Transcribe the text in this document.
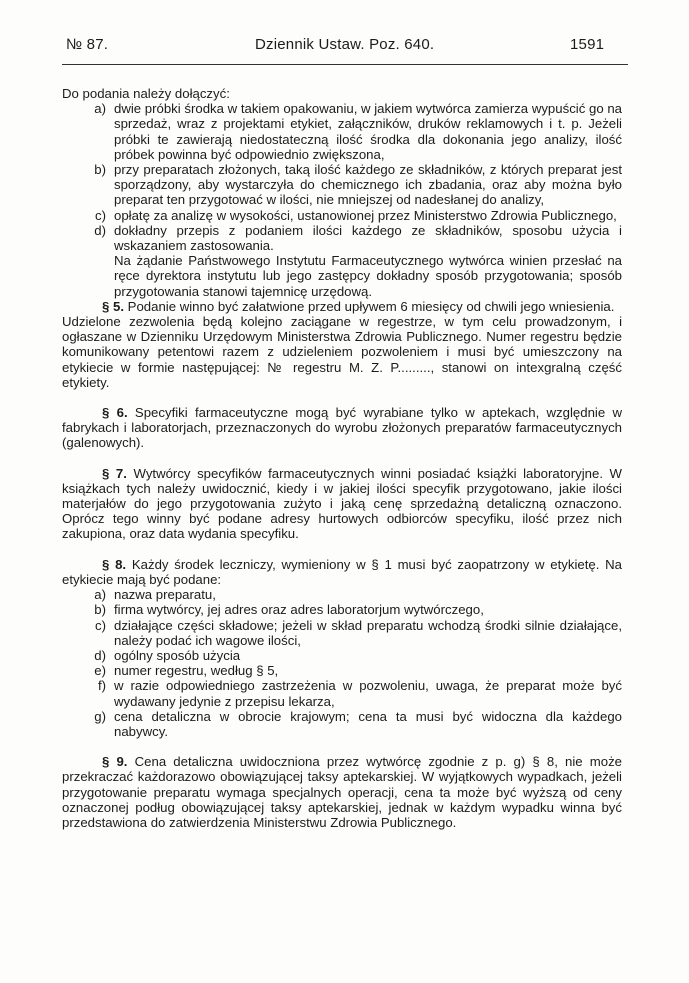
№ 87.	Dziennik Ustaw. Poz. 640.	1591

Do podania należy dołączyć:

a) dwie próbki środka w takiem opakowaniu, w jakiem wytwórca zamierza wypuścić go na sprzedaż, wraz z projektami etykiet, załączników, druków reklamowych i t. p. Jeżeli próbki te zawierają niedostateczną ilość środka dla dokonania jego analizy, ilość próbek powinna być odpowiednio zwiększona,
b) przy preparatach złożonych, taką ilość każdego ze składników, z których preparat jest sporządzony, aby wystarczyła do chemicznego ich zbadania, oraz aby można było preparat ten przygotować w ilości, nie mniejszej od nadesłanej do analizy,
c) opłatę za analizę w wysokości, ustanowionej przez Ministerstwo Zdrowia Publicznego,
d) dokładny przepis z podaniem ilości każdego ze składników, sposobu użycia i wskazaniem zastosowania.

Na żądanie Państwowego Instytutu Farmaceutycznego wytwórca winien przesłać na ręce dyrektora instytutu lub jego zastępcy dokładny sposób przygotowania; sposób przygotowania stanowi tajemnicę urzędową.

§ 5. Podanie winno być załatwione przed upływem 6 miesięcy od chwili jego wniesienia.

Udzielone zezwolenia będą kolejno zaciągane w regestrze, w tym celu prowadzonym, i ogłaszane w Dzienniku Urzędowym Ministerstwa Zdrowia Publicznego. Numer regestru będzie komunikowany petentowi razem z udzieleniem pozwoleniem i musi być umieszczony na etykiecie w formie następującej: № regestru M. Z. P........., stanowi on intexgralną część etykiety.

§ 6. Specyfiki farmaceutyczne mogą być wyrabiane tylko w aptekach, względnie w fabrykach i laboratorjach, przeznaczonych do wyrobu złożonych preparatów farmaceutycznych (galenowych).

§ 7. Wytwórcy specyfików farmaceutycznych winni posiadać książki laboratoryjne. W książkach tych należy uwidocznić, kiedy i w jakiej ilości specyfik przygotowano, jakie ilości materjałów do jego przygotowania zużyto i jaką cenę sprzedażną detaliczną oznaczono. Oprócz tego winny być podane adresy hurtowych odbiorców specyfiku, ilość przez nich zakupiona, oraz data wydania specyfiku.

§ 8. Każdy środek leczniczy, wymieniony w § 1 musi być zaopatrzony w etykietę. Na etykiecie mają być podane:

a) nazwa preparatu,
b) firma wytwórcy, jej adres oraz adres laboratorjum wytwórczego,
c) działające części składowe; jeżeli w skład preparatu wchodzą środki silnie działające, należy podać ich wagowe ilości,
d) ogólny sposób użycia
e) numer regestru, według § 5,
f) w razie odpowiedniego zastrzeżenia w pozwoleniu, uwaga, że preparat może być wydawany jedynie z przepisu lekarza,
g) cena detaliczna w obrocie krajowym; cena ta musi być widoczna dla każdego nabywcy.

§ 9. Cena detaliczna uwidoczniona przez wytwórcę zgodnie z p. g) § 8, nie może przekraczać każdorazowo obowiązującej taksy aptekarskiej. W wyjątkowych wypadkach, jeżeli przygotowanie preparatu wymaga specjalnych operacji, cena ta może być wyższą od ceny oznaczonej podług obowiązującej taksy aptekarskiej, jednak w każdym wypadku winna być przedstawiona do zatwierdzenia Ministerstwu Zdrowia Publicznego.
